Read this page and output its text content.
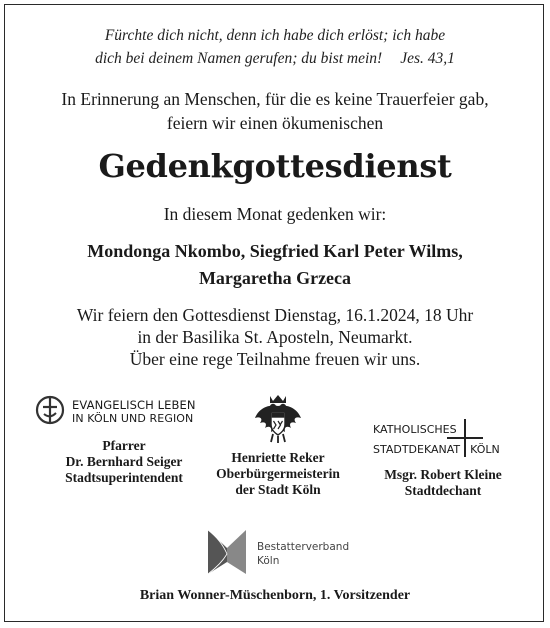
Fürchte dich nicht, denn ich habe dich erlöst; ich habe
dich bei deinem Namen gerufen; du bist mein! Jes. 43,1
In Erinnerung an Menschen, für die es keine Trauerfeier gab,
feiern wir einen ökumenischen
Gedenkgottesdienst
In diesem Monat gedenken wir:
Mondonga Nkombo, Siegfried Karl Peter Wilms,
Margaretha Grzeca
Wir feiern den Gottesdienst Dienstag, 16.1.2024, 18 Uhr
in der Basilika St. Aposteln, Neumarkt.
Über eine rege Teilnahme freuen wir uns.
EVANGELISCH LEBEN
IN KÖLN UND REGION
Pfarrer
Dr. Bernhard Seiger
Stadtsuperintendent
Henriette Reker
Oberbürgermeisterin
der Stadt Köln
KATHOLISCHES
STADTDEKANAT KÖLN
Msgr. Robert Kleine
Stadtdechant
Bestatterverband
Köln
Brian Wonner-Müschenborn, 1. Vorsitzender
